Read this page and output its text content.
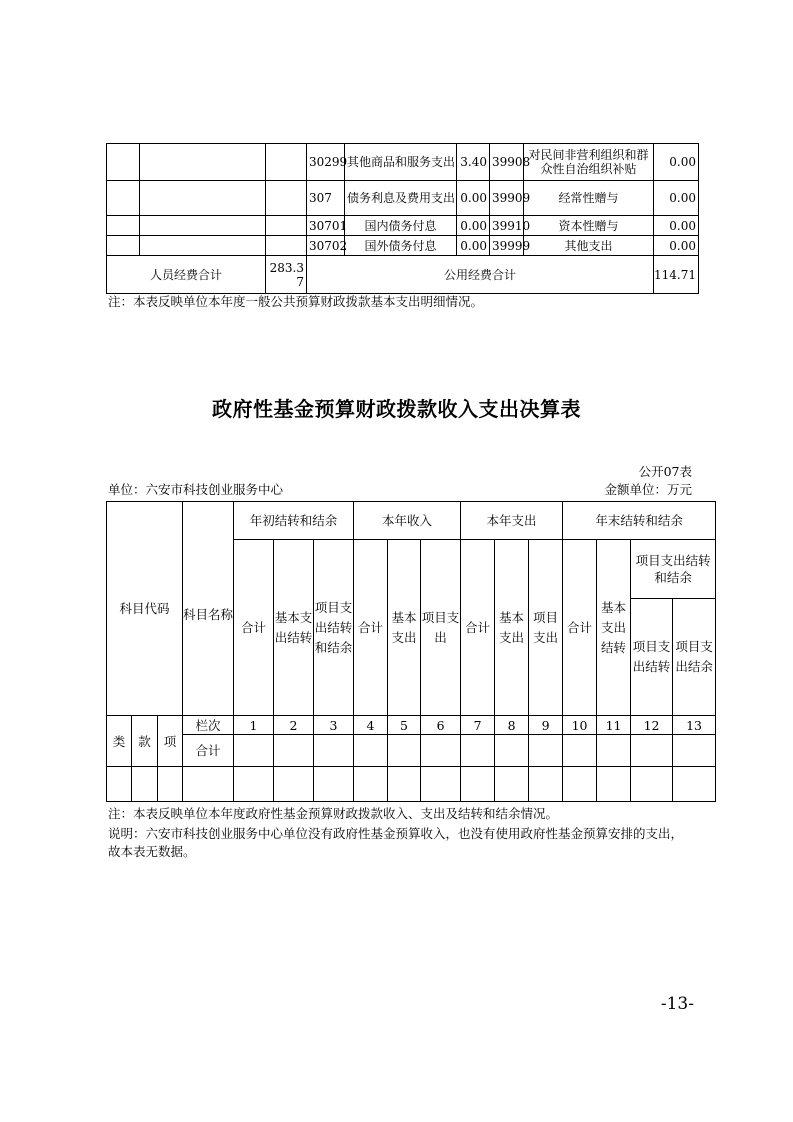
			30299	其他商品和服务支出	3.40	39908	对民间非营利组织和群众性自治组织补贴	0.00
			307	债务利息及费用支出	0.00	39909	经常性赠与	0.00
			30701	国内债务付息	0.00	39910	资本性赠与	0.00
			30702	国外债务付息	0.00	39999	其他支出	0.00
人员经费合计		283.37	公用经费合计					114.71
注：本表反映单位本年度一般公共预算财政拨款基本支出明细情况。
政府性基金预算财政拨款收入支出决算表
公开07表
单位：六安市科技创业服务中心	金额单位：万元
科目代码			科目名称	年初结转和结余			本年收入			本年支出			年末结转和结余			
				合计	基本支出结转	项目支出结转和结余	合计	基本支出	项目支出	合计	基本支出	项目支出	合计	基本支出结转	项目支出结转和结余	
															项目支出结转	项目支出结余
类	款	项	栏次	1	2	3	4	5	6	7	8	9	10	11	12	13
			合计													

注：本表反映单位本年度政府性基金预算财政拨款收入、支出及结转和结余情况。
说明：六安市科技创业服务中心单位没有政府性基金预算收入，也没有使用政府性基金预算安排的支出，故本表无数据。
-13-
